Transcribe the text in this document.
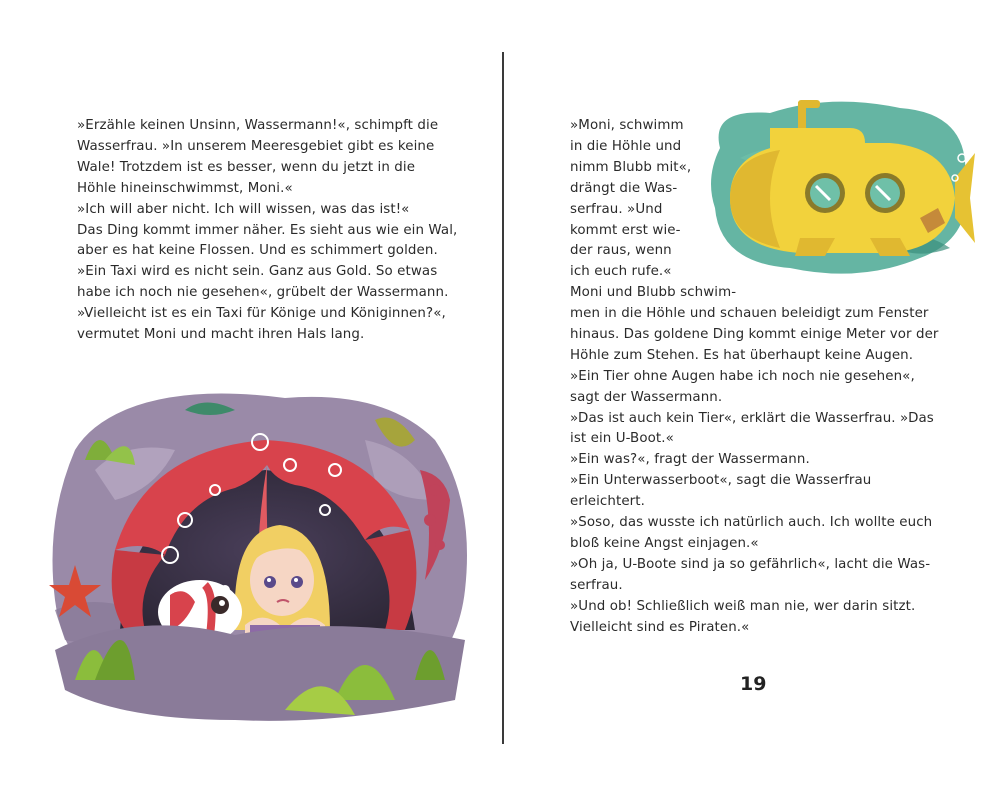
»Erzähle keinen Unsinn, Wassermann!«, schimpft die
Wasserfrau. »In unserem Meeresgebiet gibt es keine
Wale! Trotzdem ist es besser, wenn du jetzt in die
Höhle hineinschwimmst, Moni.«
»Ich will aber nicht. Ich will wissen, was das ist!«
Das Ding kommt immer näher. Es sieht aus wie ein Wal,
aber es hat keine Flossen. Und es schimmert golden.
»Ein Taxi wird es nicht sein. Ganz aus Gold. So etwas
habe ich noch nie gesehen«, grübelt der Wassermann.
»Vielleicht ist es ein Taxi für Könige und Königinnen?«,
vermutet Moni und macht ihren Hals lang.
»Moni, schwimm
in die Höhle und
nimm Blubb mit«,
drängt die Was-
serfrau. »Und
kommt erst wie-
der raus, wenn
ich euch rufe.«
Moni und Blubb schwim-
men in die Höhle und schauen beleidigt zum Fenster
hinaus. Das goldene Ding kommt einige Meter vor der
Höhle zum Stehen. Es hat überhaupt keine Augen.
»Ein Tier ohne Augen habe ich noch nie gesehen«,
sagt der Wassermann.
»Das ist auch kein Tier«, erklärt die Wasserfrau. »Das
ist ein U-Boot.«
»Ein was?«, fragt der Wassermann.
»Ein Unterwasserboot«, sagt die Wasserfrau
erleichtert.
»Soso, das wusste ich natürlich auch. Ich wollte euch
bloß keine Angst einjagen.«
»Oh ja, U-Boote sind ja so gefährlich«, lacht die Was-
serfrau.
»Und ob! Schließlich weiß man nie, wer darin sitzt.
Vielleicht sind es Piraten.«
19
